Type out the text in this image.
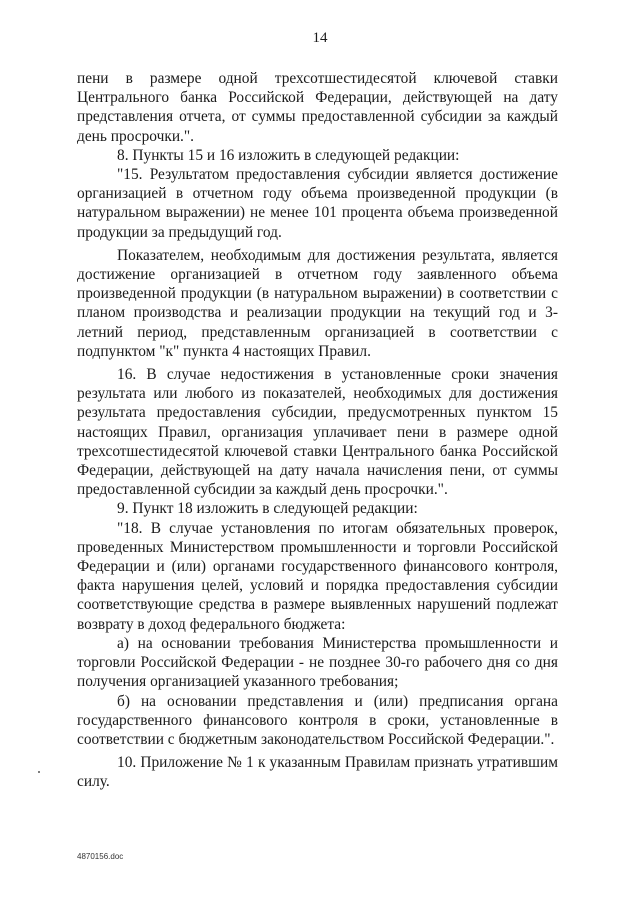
14

пени в размере одной трехсотшестидесятой ключевой ставки Центрального банка Российской Федерации, действующей на дату представления отчета, от суммы предоставленной субсидии за каждый день просрочки.".

8. Пункты 15 и 16 изложить в следующей редакции:

"15. Результатом предоставления субсидии является достижение организацией в отчетном году объема произведенной продукции (в натуральном выражении) не менее 101 процента объема произведенной продукции за предыдущий год.

Показателем, необходимым для достижения результата, является достижение организацией в отчетном году заявленного объема произведенной продукции (в натуральном выражении) в соответствии с планом производства и реализации продукции на текущий год и 3-летний период, представленным организацией в соответствии с подпунктом "к" пункта 4 настоящих Правил.

16. В случае недостижения в установленные сроки значения результата или любого из показателей, необходимых для достижения результата предоставления субсидии, предусмотренных пунктом 15 настоящих Правил, организация уплачивает пени в размере одной трехсотшестидесятой ключевой ставки Центрального банка Российской Федерации, действующей на дату начала начисления пени, от суммы предоставленной субсидии за каждый день просрочки.".

9. Пункт 18 изложить в следующей редакции:

"18. В случае установления по итогам обязательных проверок, проведенных Министерством промышленности и торговли Российской Федерации и (или) органами государственного финансового контроля, факта нарушения целей, условий и порядка предоставления субсидии соответствующие средства в размере выявленных нарушений подлежат возврату в доход федерального бюджета:

а) на основании требования Министерства промышленности и торговли Российской Федерации - не позднее 30-го рабочего дня со дня получения организацией указанного требования;

б) на основании представления и (или) предписания органа государственного финансового контроля в сроки, установленные в соответствии с бюджетным законодательством Российской Федерации.".

10. Приложение № 1 к указанным Правилам признать утратившим силу.

4870156.doc
